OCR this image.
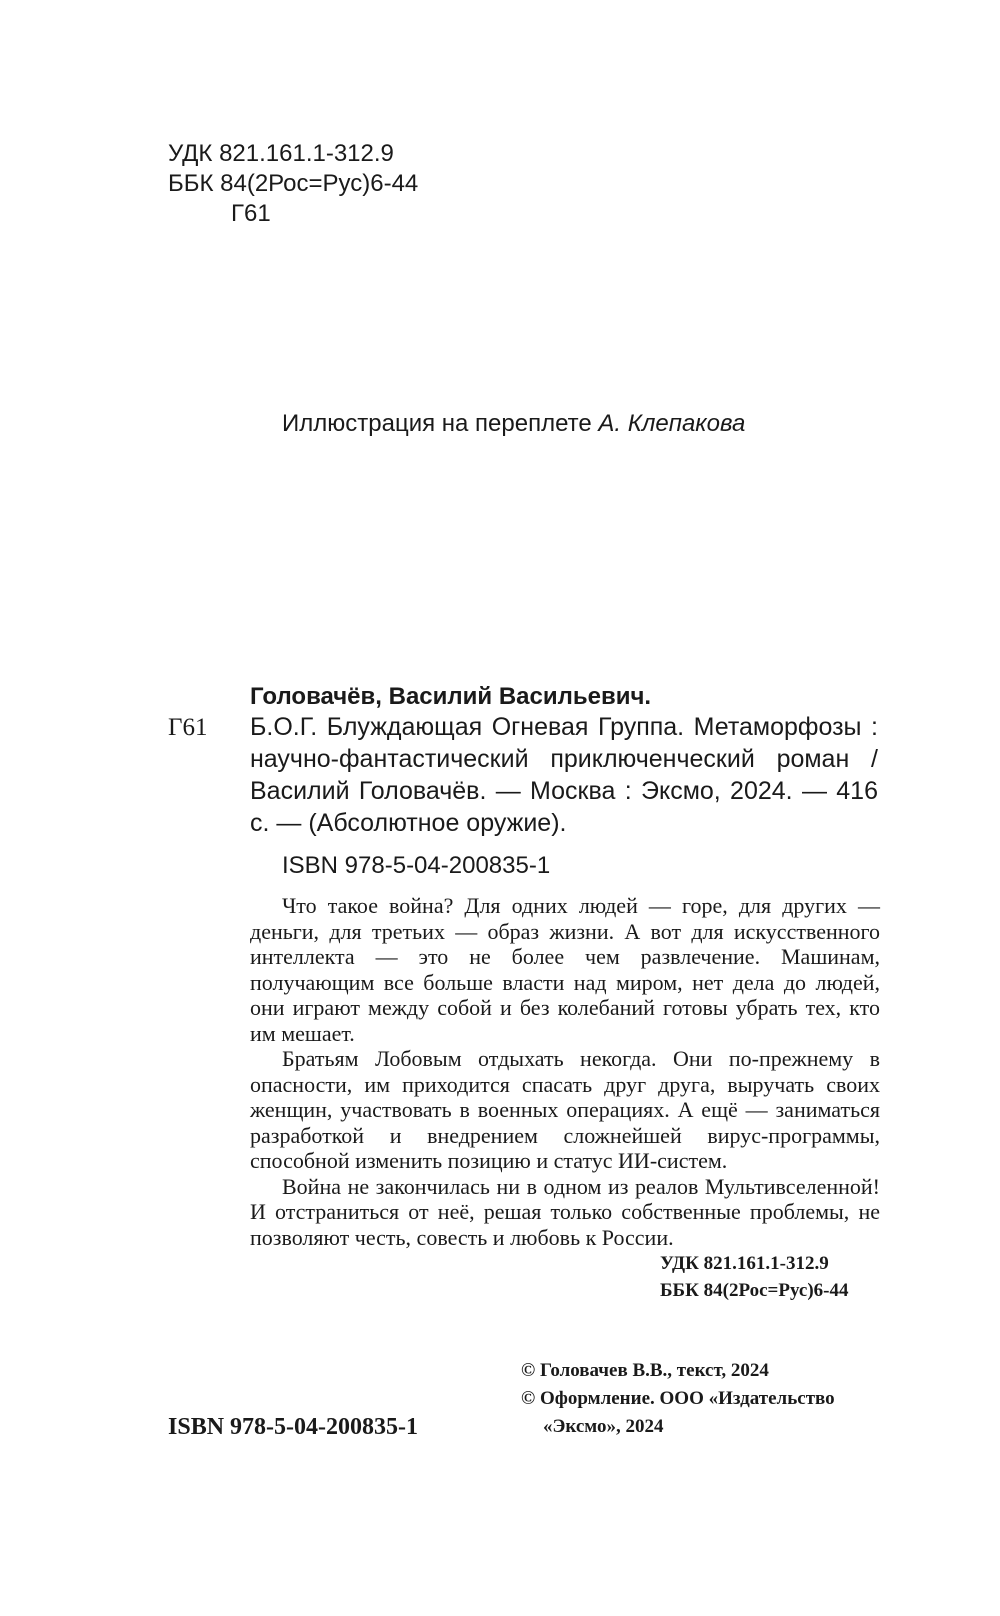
УДК 821.161.1-312.9
ББК 84(2Рос=Рус)6-44
Г61
Иллюстрация на переплете А. Клепакова
Головачёв, Василий Васильевич.
Г61 Б.О.Г. Блуждающая Огневая Группа. Метаморфозы : научно-фантастический приключенческий роман / Василий Головачёв. — Москва : Эксмо, 2024. — 416 с. — (Абсолютное оружие).
ISBN 978-5-04-200835-1

Что такое война? Для одних людей — горе, для других — деньги, для третьих — образ жизни. А вот для искусственного интеллекта — это не более чем развлечение. Машинам, получающим все больше власти над миром, нет дела до людей, они играют между собой и без колебаний готовы убрать тех, кто им мешает.

Братьям Лобовым отдыхать некогда. Они по-прежнему в опасности, им приходится спасать друг друга, выручать своих женщин, участвовать в военных операциях. А ещё — заниматься разработкой и внедрением сложнейшей вирус-программы, способной изменить позицию и статус ИИ-систем.

Война не закончилась ни в одном из реалов Мультивселенной! И отстраниться от неё, решая только собственные проблемы, не позволяют честь, совесть и любовь к России.

УДК 821.161.1-312.9
ББК 84(2Рос=Рус)6-44
© Головачев В.В., текст, 2024
© Оформление. ООО «Издательство
«Эксмо», 2024
ISBN 978-5-04-200835-1
